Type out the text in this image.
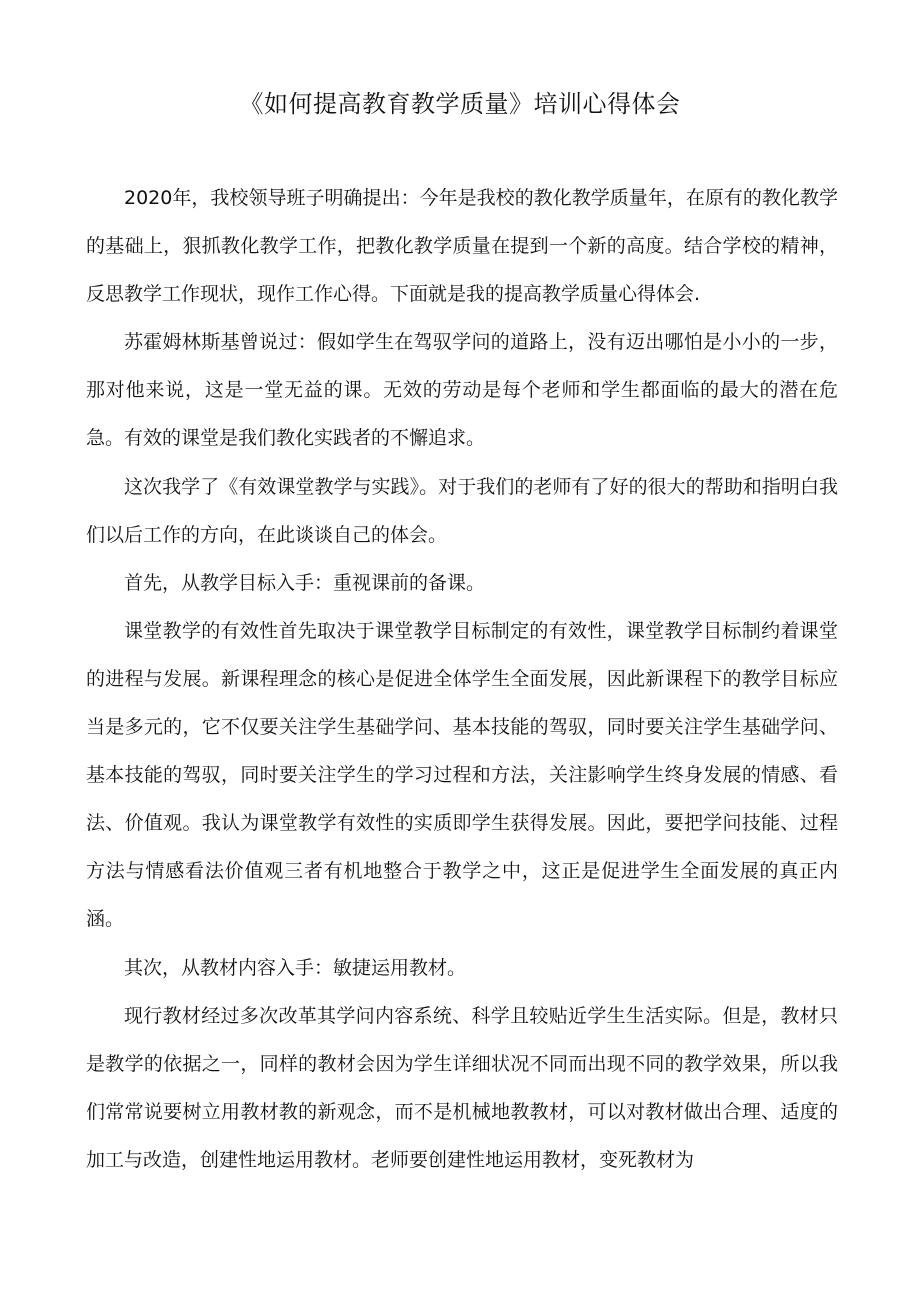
《如何提高教育教学质量》培训心得体会

2020年，我校领导班子明确提出：今年是我校的教化教学质量年，在原有的教化教学的基础上，狠抓教化教学工作，把教化教学质量在提到一个新的高度。结合学校的精神，反思教学工作现状，现作工作心得。下面就是我的提高教学质量心得体会.

苏霍姆林斯基曾说过：假如学生在驾驭学问的道路上，没有迈出哪怕是小小的一步，那对他来说，这是一堂无益的课。无效的劳动是每个老师和学生都面临的最大的潜在危急。有效的课堂是我们教化实践者的不懈追求。

这次我学了《有效课堂教学与实践》。对于我们的老师有了好的很大的帮助和指明白我们以后工作的方向，在此谈谈自己的体会。

首先，从教学目标入手：重视课前的备课。

课堂教学的有效性首先取决于课堂教学目标制定的有效性，课堂教学目标制约着课堂的进程与发展。新课程理念的核心是促进全体学生全面发展，因此新课程下的教学目标应当是多元的，它不仅要关注学生基础学问、基本技能的驾驭，同时要关注学生基础学问、基本技能的驾驭，同时要关注学生的学习过程和方法，关注影响学生终身发展的情感、看法、价值观。我认为课堂教学有效性的实质即学生获得发展。因此，要把学问技能、过程方法与情感看法价值观三者有机地整合于教学之中，这正是促进学生全面发展的真正内涵。

其次，从教材内容入手：敏捷运用教材。

现行教材经过多次改革其学问内容系统、科学且较贴近学生生活实际。但是，教材只是教学的依据之一，同样的教材会因为学生详细状况不同而出现不同的教学效果，所以我们常常说要树立用教材教的新观念，而不是机械地教教材，可以对教材做出合理、适度的加工与改造，创建性地运用教材。老师要创建性地运用教材，变死教材为
